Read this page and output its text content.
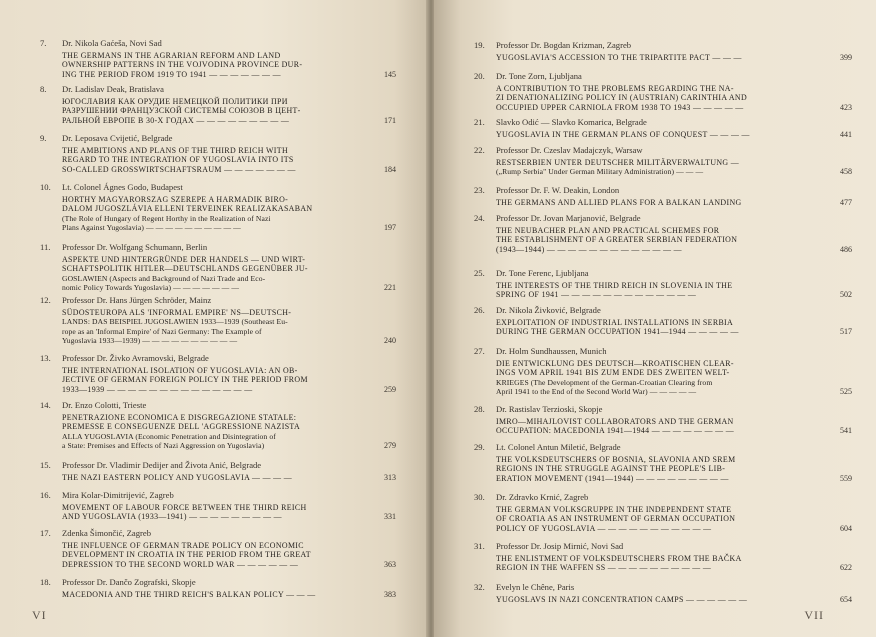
7. Dr. Nikola Gaćeša, Novi Sad
THE GERMANS IN THE AGRARIAN REFORM AND LAND
OWNERSHIP PATTERNS IN THE VOJVODINA PROVINCE DUR-
ING THE PERIOD FROM 1919 TO 1941 — — — — — — —	145
8. Dr. Ladislav Deak, Bratislava
ЮГОСЛАВИЯ КАК ОРУДИЕ НЕМЕЦКОЙ ПОЛИТИКИ ПРИ
РАЗРУШЕНИИ ФРАНЦУЗСКОЙ СИСТЕМЫ СОЮЗОВ В ЦЕНТ-
РАЛЬНОЙ ЕВРОПЕ В 30-Х ГОДАХ — — — — — — — — —	171
9. Dr. Leposava Cvijetić, Belgrade
THE AMBITIONS AND PLANS OF THE THIRD REICH WITH
REGARD TO THE INTEGRATION OF YUGOSLAVIA INTO ITS
SO-CALLED GROSSWIRTSCHAFTSRAUM — — — — — — —	184
10. Lt. Colonel Ágnes Godo, Budapest
HORTHY MAGYARORSZAG SZEREPE A HARMADIK BIRO-
DALOM JUGOSZLÁVIA ELLENI TERVEINEK REALIZAKASABAN
(The Role of Hungary of Regent Horthy in the Realization of Nazi
Plans Against Yugoslavia) — — — — — — — — — —	197
11. Professor Dr. Wolfgang Schumann, Berlin
ASPEKTE UND HINTERGRÜNDE DER HANDELS — UND WIRT-
SCHAFTSPOLITIK HITLER—DEUTSCHLANDS GEGENÜBER JU-
GOSLAWIEN (Aspects and Background of Nazi Trade and Eco-
nomic Policy Towards Yugoslavia) — — — — — — —	221
12. Professor Dr. Hans Jürgen Schröder, Mainz
SÜDOSTEUROPA ALS 'INFORMAL EMPIRE' NS—DEUTSCH-
LANDS: DAS BEISPIEL JUGOSLAWIEN 1933—1939 (Southeast Eu-
rope as an 'Informal Empire' of Nazi Germany: The Example of
Yugoslavia 1933—1939) — — — — — — — — — —	240
13. Professor Dr. Živko Avramovski, Belgrade
THE INTERNATIONAL ISOLATION OF YUGOSLAVIA: AN OB-
JECTIVE OF GERMAN FOREIGN POLICY IN THE PERIOD FROM
1933—1939 — — — — — — — — — — — — — —	259
14. Dr. Enzo Colotti, Trieste
PENETRAZIONE ECONOMICA E DISGREGAZIONE STATALE:
PREMESSE E CONSEGUENZE DELL 'AGGRESSIONE NAZISTA
ALLA YUGOSLAVIA (Economic Penetration and Disintegration of
a State: Premises and Effects of Nazi Aggression on Yugoslavia)	279
15. Professor Dr. Vladimir Dedijer and Života Anić, Belgrade
THE NAZI EASTERN POLICY AND YUGOSLAVIA — — — —	313
16. Mira Kolar-Dimitrijević, Zagreb
MOVEMENT OF LABOUR FORCE BETWEEN THE THIRD REICH
AND YUGOSLAVIA (1933—1941) — — — — — — — — —	331
17. Zdenka Šimončić, Zagreb
THE INFLUENCE OF GERMAN TRADE POLICY ON ECONOMIC
DEVELOPMENT IN CROATIA IN THE PERIOD FROM THE GREAT
DEPRESSION TO THE SECOND WORLD WAR — — — — — —	363
18. Professor Dr. Dančo Zografski, Skopje
MACEDONIA AND THE THIRD REICH'S BALKAN POLICY — — —	383
VI
19. Professor Dr. Bogdan Krizman, Zagreb
YUGOSLAVIA'S ACCESSION TO THE TRIPARTITE PACT — — —	399
20. Dr. Tone Zorn, Ljubljana
A CONTRIBUTION TO THE PROBLEMS REGARDING THE NA-
ZI DENATIONALIZING POLICY IN (AUSTRIAN) CARINTHIA AND
OCCUPIED UPPER CARNIOLA FROM 1938 TO 1943 — — — — —	423
21. Slavko Odić — Slavko Komarica, Belgrade
YUGOSLAVIA IN THE GERMAN PLANS OF CONQUEST — — — —	441
22. Professor Dr. Czeslav Madajczyk, Warsaw
RESTSERBIEN UNTER DEUTSCHER MILITÄRVERWALTUNG —
(„Rump Serbia" Under German Military Administration) — — —	458
23. Professor Dr. F. W. Deakin, London
THE GERMANS AND ALLIED PLANS FOR A BALKAN LANDING	477
24. Professor Dr. Jovan Marjanović, Belgrade
THE NEUBACHER PLAN AND PRACTICAL SCHEMES FOR
THE ESTABLISHMENT OF A GREATER SERBIAN FEDERATION
(1943—1944) — — — — — — — — — — — — —	486
25. Dr. Tone Ferenc, Ljubljana
THE INTERESTS OF THE THIRD REICH IN SLOVENIA IN THE
SPRING OF 1941 — — — — — — — — — — — — —	502
26. Dr. Nikola Živković, Belgrade
EXPLOITATION OF INDUSTRIAL INSTALLATIONS IN SERBIA
DURING THE GERMAN OCCUPATION 1941—1944 — — — — —	517
27. Dr. Holm Sundhaussen, Munich
DIE ENTWICKLUNG DES DEUTSCH—KROATISCHEN CLEAR-
INGS VOM APRIL 1941 BIS ZUM ENDE DES ZWEITEN WELT-
KRIEGES (The Development of the German-Croatian Clearing from
April 1941 to the End of the Second World War) — — — — —	525
28. Dr. Rastislav Terzioski, Skopje
IMRO—MIHAJLOVIST COLLABORATORS AND THE GERMAN
OCCUPATION: MACEDONIA 1941—1944 — — — — — — — —	541
29. Lt. Colonel Antun Miletić, Belgrade
THE VOLKSDEUTSCHERS OF BOSNIA, SLAVONIA AND SREM
REGIONS IN THE STRUGGLE AGAINST THE PEOPLE'S LIB-
ERATION MOVEMENT (1941—1944) — — — — — — — — —	559
30. Dr. Zdravko Krnić, Zagreb
THE GERMAN VOLKSGRUPPE IN THE INDEPENDENT STATE
OF CROATIA AS AN INSTRUMENT OF GERMAN OCCUPATION
POLICY OF YUGOSLAVIA — — — — — — — — — — —	604
31. Professor Dr. Josip Mirnić, Novi Sad
THE ENLISTMENT OF VOLKSDEUTSCHERS FROM THE BAČKA
REGION IN THE WAFFEN SS — — — — — — — — — —	622
32. Evelyn le Chêne, Paris
YUGOSLAVS IN NAZI CONCENTRATION CAMPS — — — — — —	654
VII
